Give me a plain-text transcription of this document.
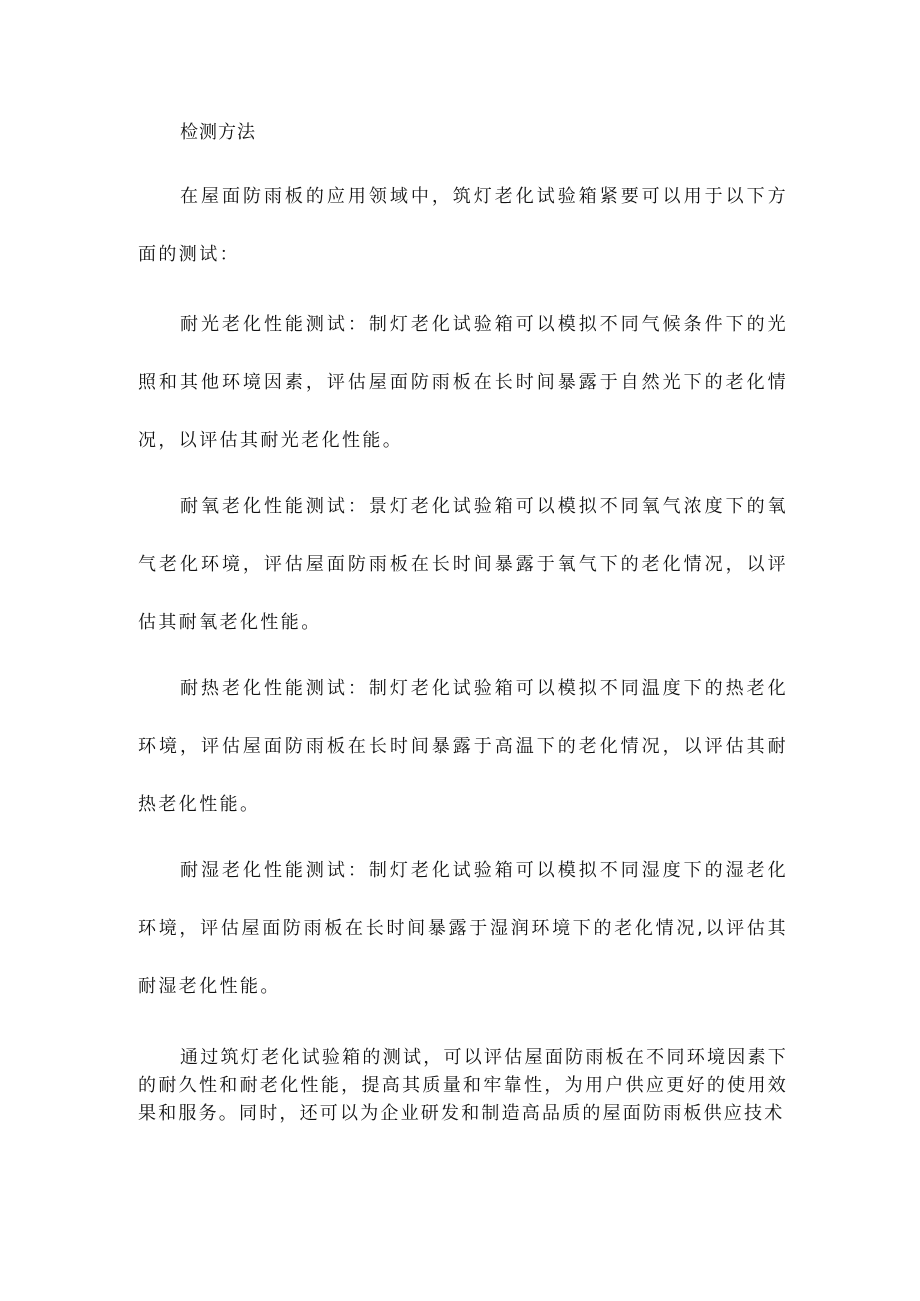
检测方法

在屋面防雨板的应用领域中，筑灯老化试验箱紧要可以用于以下方面的测试：

耐光老化性能测试：制灯老化试验箱可以模拟不同气候条件下的光照和其他环境因素，评估屋面防雨板在长时间暴露于自然光下的老化情况，以评估其耐光老化性能。

耐氧老化性能测试：景灯老化试验箱可以模拟不同氧气浓度下的氧气老化环境，评估屋面防雨板在长时间暴露于氧气下的老化情况，以评估其耐氧老化性能。

耐热老化性能测试：制灯老化试验箱可以模拟不同温度下的热老化环境，评估屋面防雨板在长时间暴露于高温下的老化情况，以评估其耐热老化性能。

耐湿老化性能测试：制灯老化试验箱可以模拟不同湿度下的湿老化环境，评估屋面防雨板在长时间暴露于湿润环境下的老化情况,以评估其耐湿老化性能。

通过筑灯老化试验箱的测试，可以评估屋面防雨板在不同环境因素下的耐久性和耐老化性能，提高其质量和牢靠性，为用户供应更好的使用效果和服务。同时，还可以为企业研发和制造高品质的屋面防雨板供应技术
